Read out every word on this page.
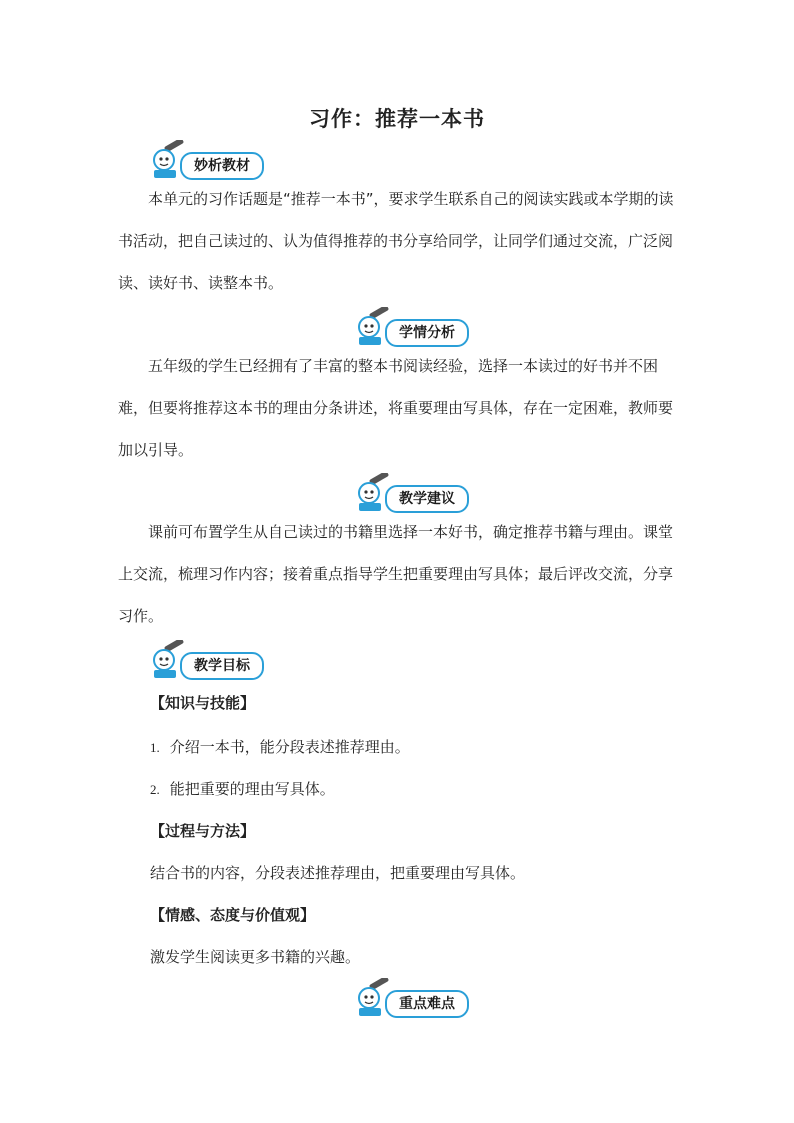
习作：推荐一本书
妙析教材

本单元的习作话题是“推荐一本书”，要求学生联系自己的阅读实践或本学期的读书活动，把自己读过的、认为值得推荐的书分享给同学，让同学们通过交流，广泛阅读、读好书、读整本书。

学情分析

五年级的学生已经拥有了丰富的整本书阅读经验，选择一本读过的好书并不困难，但要将推荐这本书的理由分条讲述，将重要理由写具体，存在一定困难，教师要加以引导。

教学建议

课前可布置学生从自己读过的书籍里选择一本好书，确定推荐书籍与理由。课堂上交流，梳理习作内容；接着重点指导学生把重要理由写具体；最后评改交流，分享习作。

教学目标

【知识与技能】

1. 介绍一本书，能分段表述推荐理由。

2. 能把重要的理由写具体。

【过程与方法】

结合书的内容，分段表述推荐理由，把重要理由写具体。

【情感、态度与价值观】

激发学生阅读更多书籍的兴趣。

重点难点
